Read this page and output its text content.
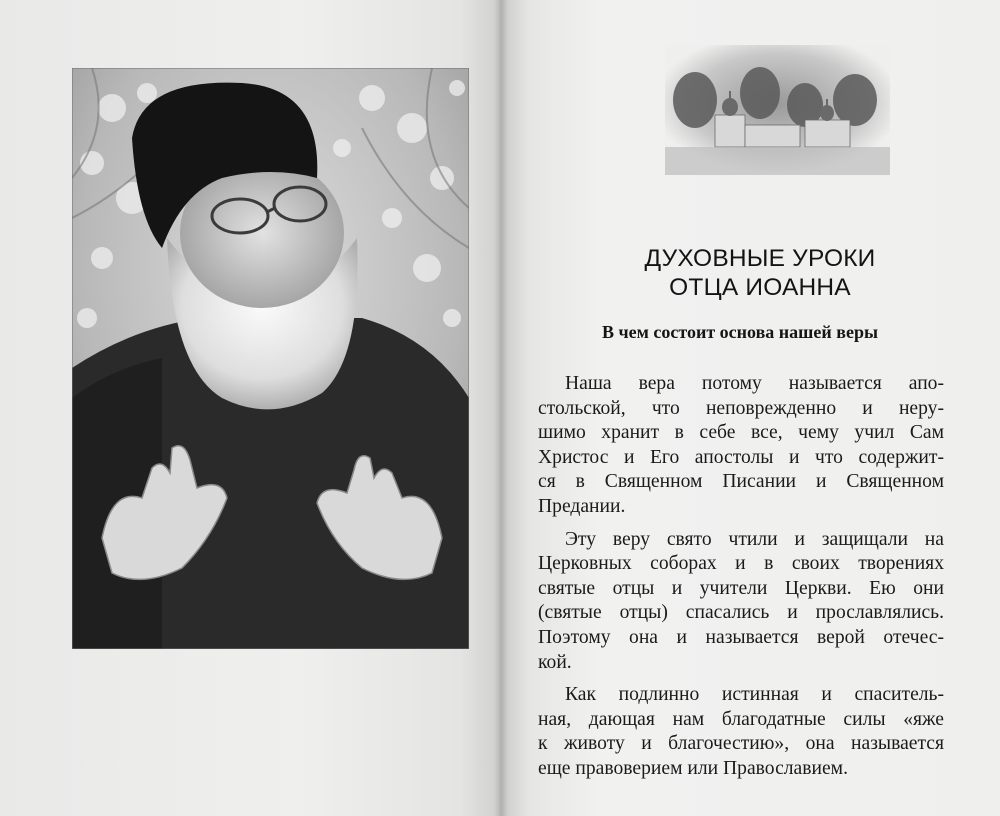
ДУХОВНЫЕ УРОКИ
ОТЦА ИОАННА
В чем состоит основа нашей веры

Наша вера потому называется апо-
стольской, что неповрежденно и неру-
шимо хранит в себе все, чему учил Сам
Христос и Его апостолы и что содержит-
ся в Священном Писании и Священном
Предании.

Эту веру свято чтили и защищали на
Церковных соборах и в своих творениях
святые отцы и учители Церкви. Ею они
(святые отцы) спасались и прославлялись.
Поэтому она и называется верой отечес-
кой.

Как подлинно истинная и спаситель-
ная, дающая нам благодатные силы «яже
к животу и благочестию», она называется
еще правоверием или Православием.
